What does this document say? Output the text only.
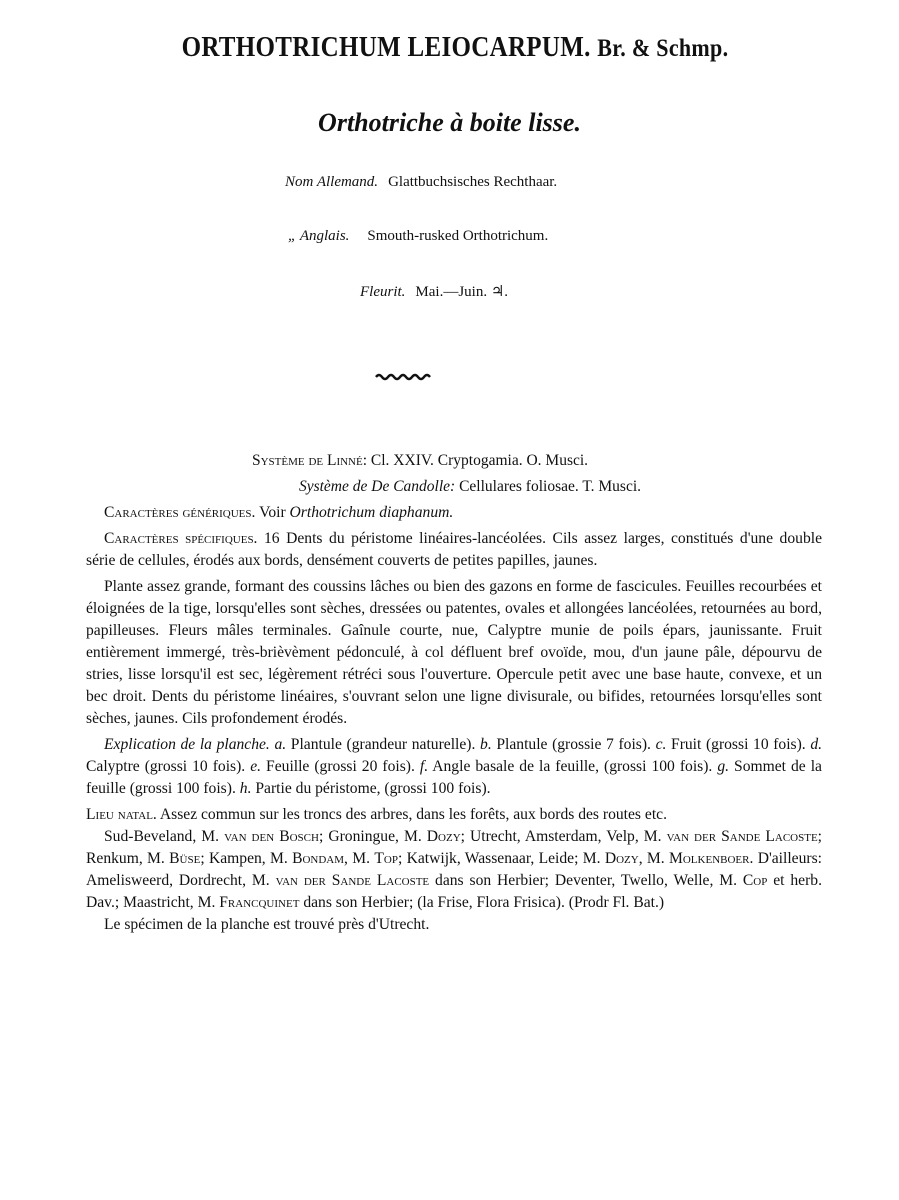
ORTHOTRICHUM LEIOCARPUM. Br. & Schmp.
Orthotriche à boite lisse.
Nom Allemand. Glattbuchsisches Rechthaar.
„ Anglais. Smouth-rusked Orthotrichum.
Fleurit. Mai.—Juin. ♃.
Système de Linné: Cl. XXIV. Cryptogamia. O. Musci.
Système de De Candolle: Cellulares foliosae. T. Musci.

Caractères génériques. Voir Orthotrichum diaphanum.

Caractères spécifiques. 16 Dents du péristome linéaires-lancéolées. Cils assez larges, constitués d'une double série de cellules, érodés aux bords, densément couverts de petites papilles, jaunes.

Plante assez grande, formant des coussins lâches ou bien des gazons en forme de fascicules. Feuilles recourbées et éloignées de la tige, lorsqu'elles sont sèches, dressées ou patentes, ovales et allongées lancéolées, retournées au bord, papilleuses. Fleurs mâles terminales. Gaînule courte, nue, Calyptre munie de poils épars, jaunissante. Fruit entièrement immergé, très-brièvèment pédonculé, à col défluent bref ovoïde, mou, d'un jaune pâle, dépourvu de stries, lisse lorsqu'il est sec, légèrement rétréci sous l'ouverture. Opercule petit avec une base haute, convexe, et un bec droit. Dents du péristome linéaires, s'ouvrant selon une ligne divisurale, ou bifides, retournées lorsqu'elles sont sèches, jaunes. Cils profondement érodés.

Explication de la planche. a. Plantule (grandeur naturelle). b. Plantule (grossie 7 fois). c. Fruit (grossi 10 fois). d. Calyptre (grossi 10 fois). e. Feuille (grossi 20 fois). f. Angle basale de la feuille, (grossi 100 fois). g. Sommet de la feuille (grossi 100 fois). h. Partie du péristome, (grossi 100 fois).

Lieu natal. Assez commun sur les troncs des arbres, dans les forêts, aux bords des routes etc.

Sud-Beveland, M. van den Bosch; Groningue, M. Dozy; Utrecht, Amsterdam, Velp, M. van der Sande Lacoste; Renkum, M. Büse; Kampen, M. Bondam, M. Top; Katwijk, Wassenaar, Leide; M. Dozy, M. Molkenboer. D'ailleurs: Amelisweerd, Dordrecht, M. van der Sande Lacoste dans son Herbier; Deventer, Twello, Welle, M. Cop et herb. Dav.; Maastricht, M. Francquinet dans son Herbier; (la Frise, Flora Frisica). (Prodr Fl. Bat.)

Le spécimen de la planche est trouvé près d'Utrecht.
